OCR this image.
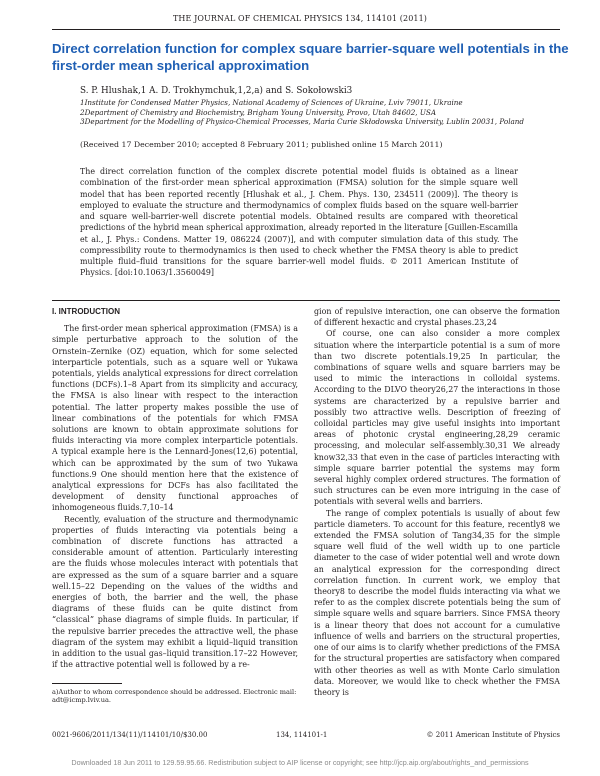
THE JOURNAL OF CHEMICAL PHYSICS 134, 114101 (2011)
Direct correlation function for complex square barrier-square well potentials in the first-order mean spherical approximation
S. P. Hlushak,1 A. D. Trokhymchuk,1,2,a) and S. Sokołowski3
1Institute for Condensed Matter Physics, National Academy of Sciences of Ukraine, Lviv 79011, Ukraine
2Department of Chemistry and Biochemistry, Brigham Young University, Provo, Utah 84602, USA
3Department for the Modelling of Physico-Chemical Processes, Maria Curie Skłodowska University, Lublin 20031, Poland
(Received 17 December 2010; accepted 8 February 2011; published online 15 March 2011)
The direct correlation function of the complex discrete potential model fluids is obtained as a linear combination of the first-order mean spherical approximation (FMSA) solution for the simple square well model that has been reported recently [Hlushak et al., J. Chem. Phys. 130, 234511 (2009)]. The theory is employed to evaluate the structure and thermodynamics of complex fluids based on the square well-barrier and square well-barrier-well discrete potential models. Obtained results are compared with theoretical predictions of the hybrid mean spherical approximation, already reported in the literature [Guillen-Escamilla et al., J. Phys.: Condens. Matter 19, 086224 (2007)], and with computer simulation data of this study. The compressibility route to thermodynamics is then used to check whether the FMSA theory is able to predict multiple fluid–fluid transitions for the square barrier-well model fluids. © 2011 American Institute of Physics. [doi:10.1063/1.3560049]

I. INTRODUCTION

The first-order mean spherical approximation (FMSA) is a simple perturbative approach to the solution of the Ornstein–Zernike (OZ) equation, which for some selected interparticle potentials, such as a square well or Yukawa potentials, yields analytical expressions for direct correlation functions (DCFs).1–8 Apart from its simplicity and accuracy, the FMSA is also linear with respect to the interaction potential. The latter property makes possible the use of linear combinations of the potentials for which FMSA solutions are known to obtain approximate solutions for fluids interacting via more complex interparticle potentials. A typical example here is the Lennard-Jones(12,6) potential, which can be approximated by the sum of two Yukawa functions.9 One should mention here that the existence of analytical expressions for DCFs has also facilitated the development of density functional approaches of inhomogeneous fluids.7,10–14

Recently, evaluation of the structure and thermodynamic properties of fluids interacting via potentials being a combination of discrete functions has attracted a considerable amount of attention. Particularly interesting are the fluids whose molecules interact with potentials that are expressed as the sum of a square barrier and a square well.15–22 Depending on the values of the widths and energies of both, the barrier and the well, the phase diagrams of these fluids can be quite distinct from “classical” phase diagrams of simple fluids. In particular, if the repulsive barrier precedes the attractive well, the phase diagram of the system may exhibit a liquid–liquid transition in addition to the usual gas–liquid transition.17–22 However, if the attractive potential well is followed by a re-

gion of repulsive interaction, one can observe the formation of different hexactic and crystal phases.23,24

Of course, one can also consider a more complex situation where the interparticle potential is a sum of more than two discrete potentials.19,25 In particular, the combinations of square wells and square barriers may be used to mimic the interactions in colloidal systems. According to the DLVO theory26,27 the interactions in those systems are characterized by a repulsive barrier and possibly two attractive wells. Description of freezing of colloidal particles may give useful insights into important areas of photonic crystal engineering,28,29 ceramic processing, and molecular self-assembly.30,31 We already know32,33 that even in the case of particles interacting with simple square barrier potential the systems may form several highly complex ordered structures. The formation of such structures can be even more intriguing in the case of potentials with several wells and barriers.

The range of complex potentials is usually of about few particle diameters. To account for this feature, recently8 we extended the FMSA solution of Tang34,35 for the simple square well fluid of the well width up to one particle diameter to the case of wider potential well and wrote down an analytical expression for the corresponding direct correlation function. In current work, we employ that theory8 to describe the model fluids interacting via what we refer to as the complex discrete potentials being the sum of simple square wells and square barriers. Since FMSA theory is a linear theory that does not account for a cumulative influence of wells and barriers on the structural properties, one of our aims is to clarify whether predictions of the FMSA for the structural properties are satisfactory when compared with other theories as well as with Monte Carlo simulation data. Moreover, we would like to check whether the FMSA theory is

a)Author to whom correspondence should be addressed. Electronic mail: adt@icmp.lviv.ua.
0021-9606/2011/134(11)/114101/10/$30.00	134, 114101-1	© 2011 American Institute of Physics
Downloaded 18 Jun 2011 to 129.59.95.66. Redistribution subject to AIP license or copyright; see http://jcp.aip.org/about/rights_and_permissions
